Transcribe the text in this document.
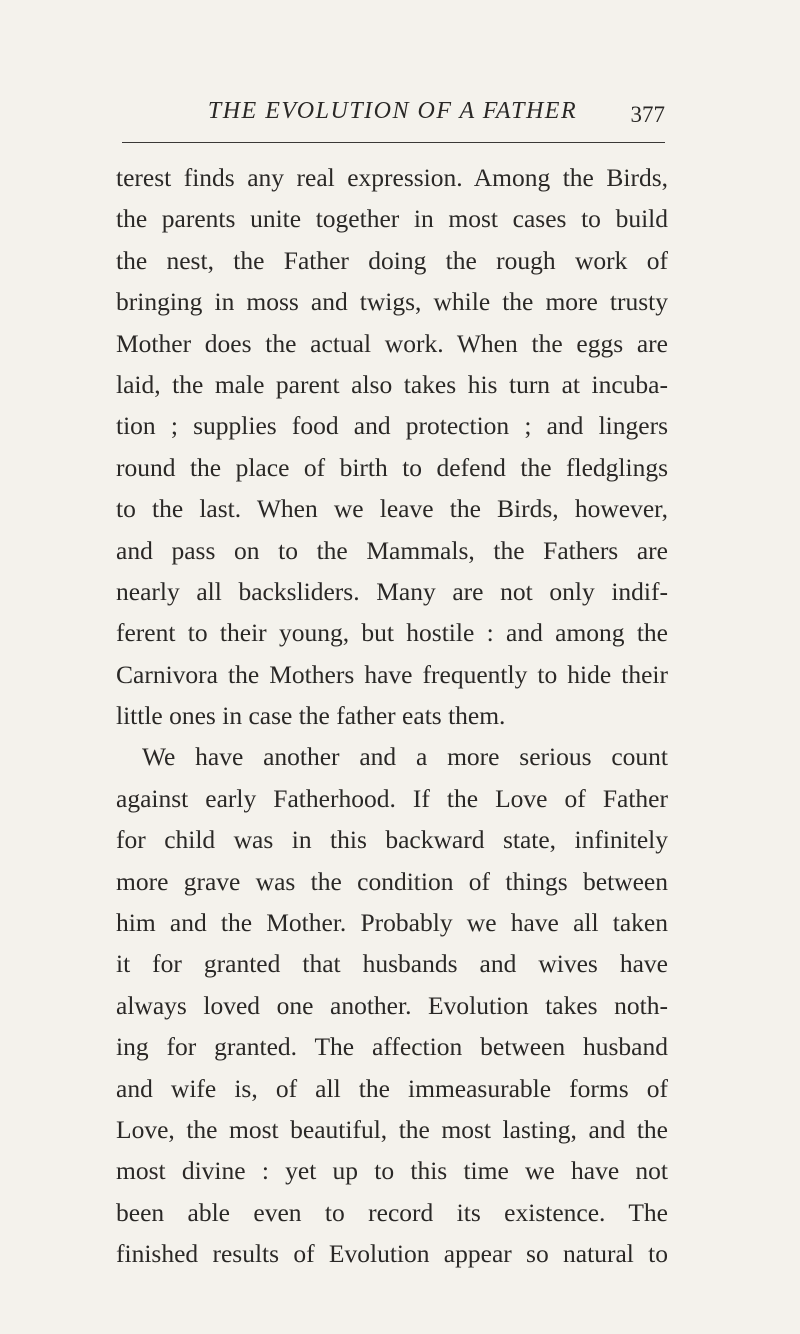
THE EVOLUTION OF A FATHER	377
terest finds any real expression. Among the Birds,
the parents unite together in most cases to build
the nest, the Father doing the rough work of
bringing in moss and twigs, while the more trusty
Mother does the actual work. When the eggs are
laid, the male parent also takes his turn at incuba-
tion ; supplies food and protection ; and lingers
round the place of birth to defend the fledglings
to the last. When we leave the Birds, however,
and pass on to the Mammals, the Fathers are
nearly all backsliders. Many are not only indif-
ferent to their young, but hostile : and among the
Carnivora the Mothers have frequently to hide their
little ones in case the father eats them.
We have another and a more serious count
against early Fatherhood. If the Love of Father
for child was in this backward state, infinitely
more grave was the condition of things between
him and the Mother. Probably we have all taken
it for granted that husbands and wives have
always loved one another. Evolution takes noth-
ing for granted. The affection between husband
and wife is, of all the immeasurable forms of
Love, the most beautiful, the most lasting, and the
most divine : yet up to this time we have not
been able even to record its existence. The
finished results of Evolution appear so natural to
